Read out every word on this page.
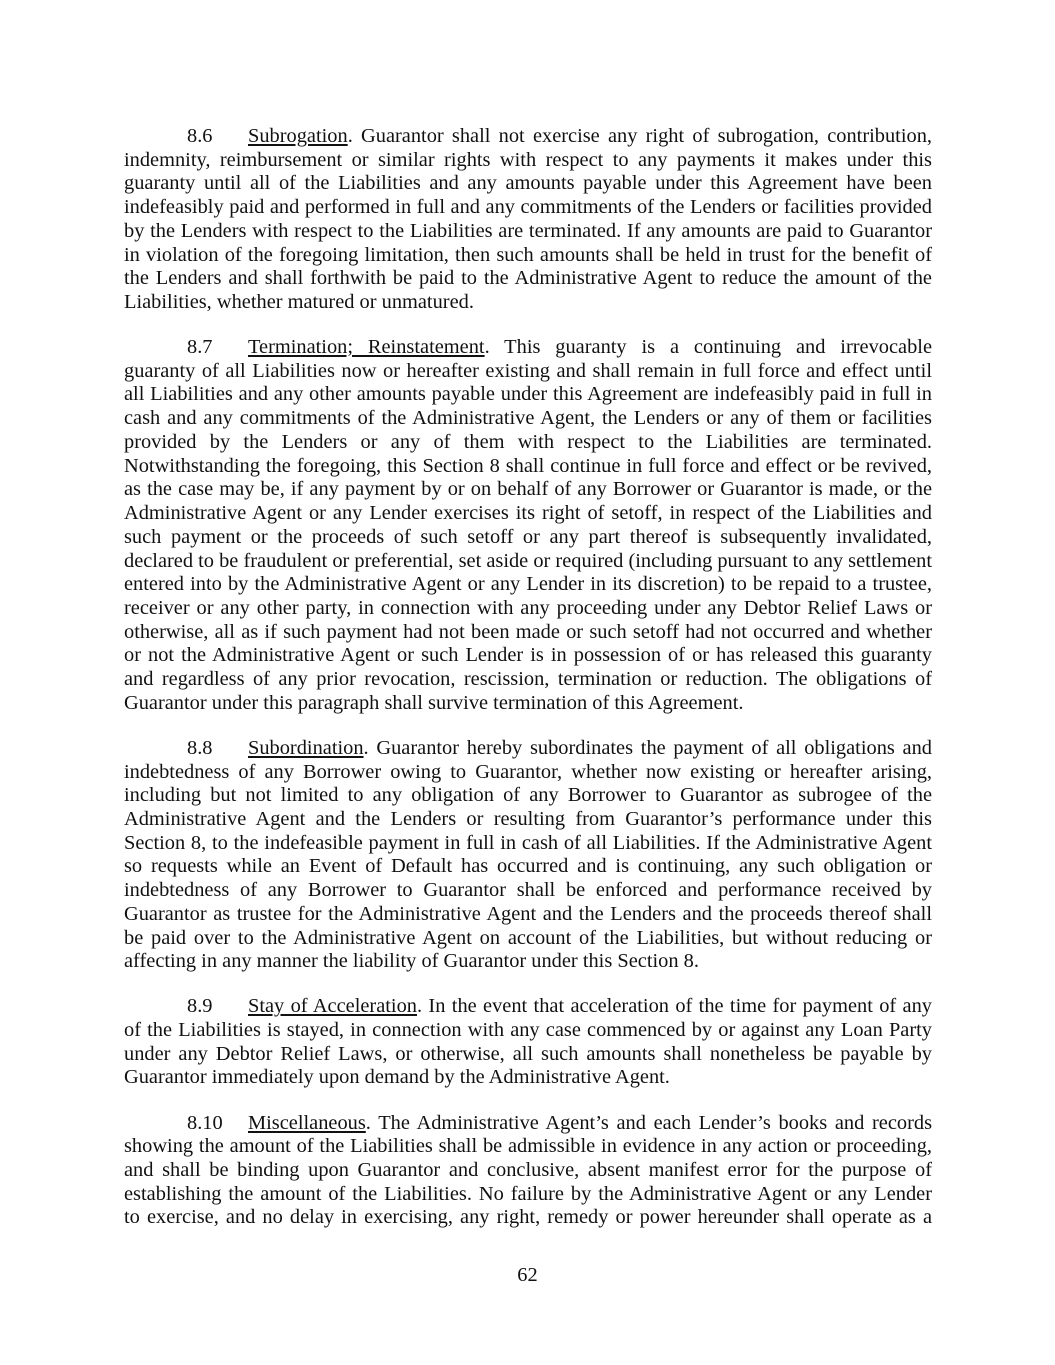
8.6 Subrogation. Guarantor shall not exercise any right of subrogation, contribution,
indemnity, reimbursement or similar rights with respect to any payments it makes under this
guaranty until all of the Liabilities and any amounts payable under this Agreement have been
indefeasibly paid and performed in full and any commitments of the Lenders or facilities provided
by the Lenders with respect to the Liabilities are terminated. If any amounts are paid to Guarantor
in violation of the foregoing limitation, then such amounts shall be held in trust for the benefit of
the Lenders and shall forthwith be paid to the Administrative Agent to reduce the amount of the
Liabilities, whether matured or unmatured.
8.7 Termination; Reinstatement. This guaranty is a continuing and irrevocable
guaranty of all Liabilities now or hereafter existing and shall remain in full force and effect until
all Liabilities and any other amounts payable under this Agreement are indefeasibly paid in full in
cash and any commitments of the Administrative Agent, the Lenders or any of them or facilities
provided by the Lenders or any of them with respect to the Liabilities are terminated.
Notwithstanding the foregoing, this Section 8 shall continue in full force and effect or be revived,
as the case may be, if any payment by or on behalf of any Borrower or Guarantor is made, or the
Administrative Agent or any Lender exercises its right of setoff, in respect of the Liabilities and
such payment or the proceeds of such setoff or any part thereof is subsequently invalidated,
declared to be fraudulent or preferential, set aside or required (including pursuant to any settlement
entered into by the Administrative Agent or any Lender in its discretion) to be repaid to a trustee,
receiver or any other party, in connection with any proceeding under any Debtor Relief Laws or
otherwise, all as if such payment had not been made or such setoff had not occurred and whether
or not the Administrative Agent or such Lender is in possession of or has released this guaranty
and regardless of any prior revocation, rescission, termination or reduction. The obligations of
Guarantor under this paragraph shall survive termination of this Agreement.
8.8 Subordination. Guarantor hereby subordinates the payment of all obligations and
indebtedness of any Borrower owing to Guarantor, whether now existing or hereafter arising,
including but not limited to any obligation of any Borrower to Guarantor as subrogee of the
Administrative Agent and the Lenders or resulting from Guarantor’s performance under this
Section 8, to the indefeasible payment in full in cash of all Liabilities. If the Administrative Agent
so requests while an Event of Default has occurred and is continuing, any such obligation or
indebtedness of any Borrower to Guarantor shall be enforced and performance received by
Guarantor as trustee for the Administrative Agent and the Lenders and the proceeds thereof shall
be paid over to the Administrative Agent on account of the Liabilities, but without reducing or
affecting in any manner the liability of Guarantor under this Section 8.
8.9 Stay of Acceleration. In the event that acceleration of the time for payment of any
of the Liabilities is stayed, in connection with any case commenced by or against any Loan Party
under any Debtor Relief Laws, or otherwise, all such amounts shall nonetheless be payable by
Guarantor immediately upon demand by the Administrative Agent.
8.10 Miscellaneous. The Administrative Agent’s and each Lender’s books and records
showing the amount of the Liabilities shall be admissible in evidence in any action or proceeding,
and shall be binding upon Guarantor and conclusive, absent manifest error for the purpose of
establishing the amount of the Liabilities. No failure by the Administrative Agent or any Lender
to exercise, and no delay in exercising, any right, remedy or power hereunder shall operate as a
62
